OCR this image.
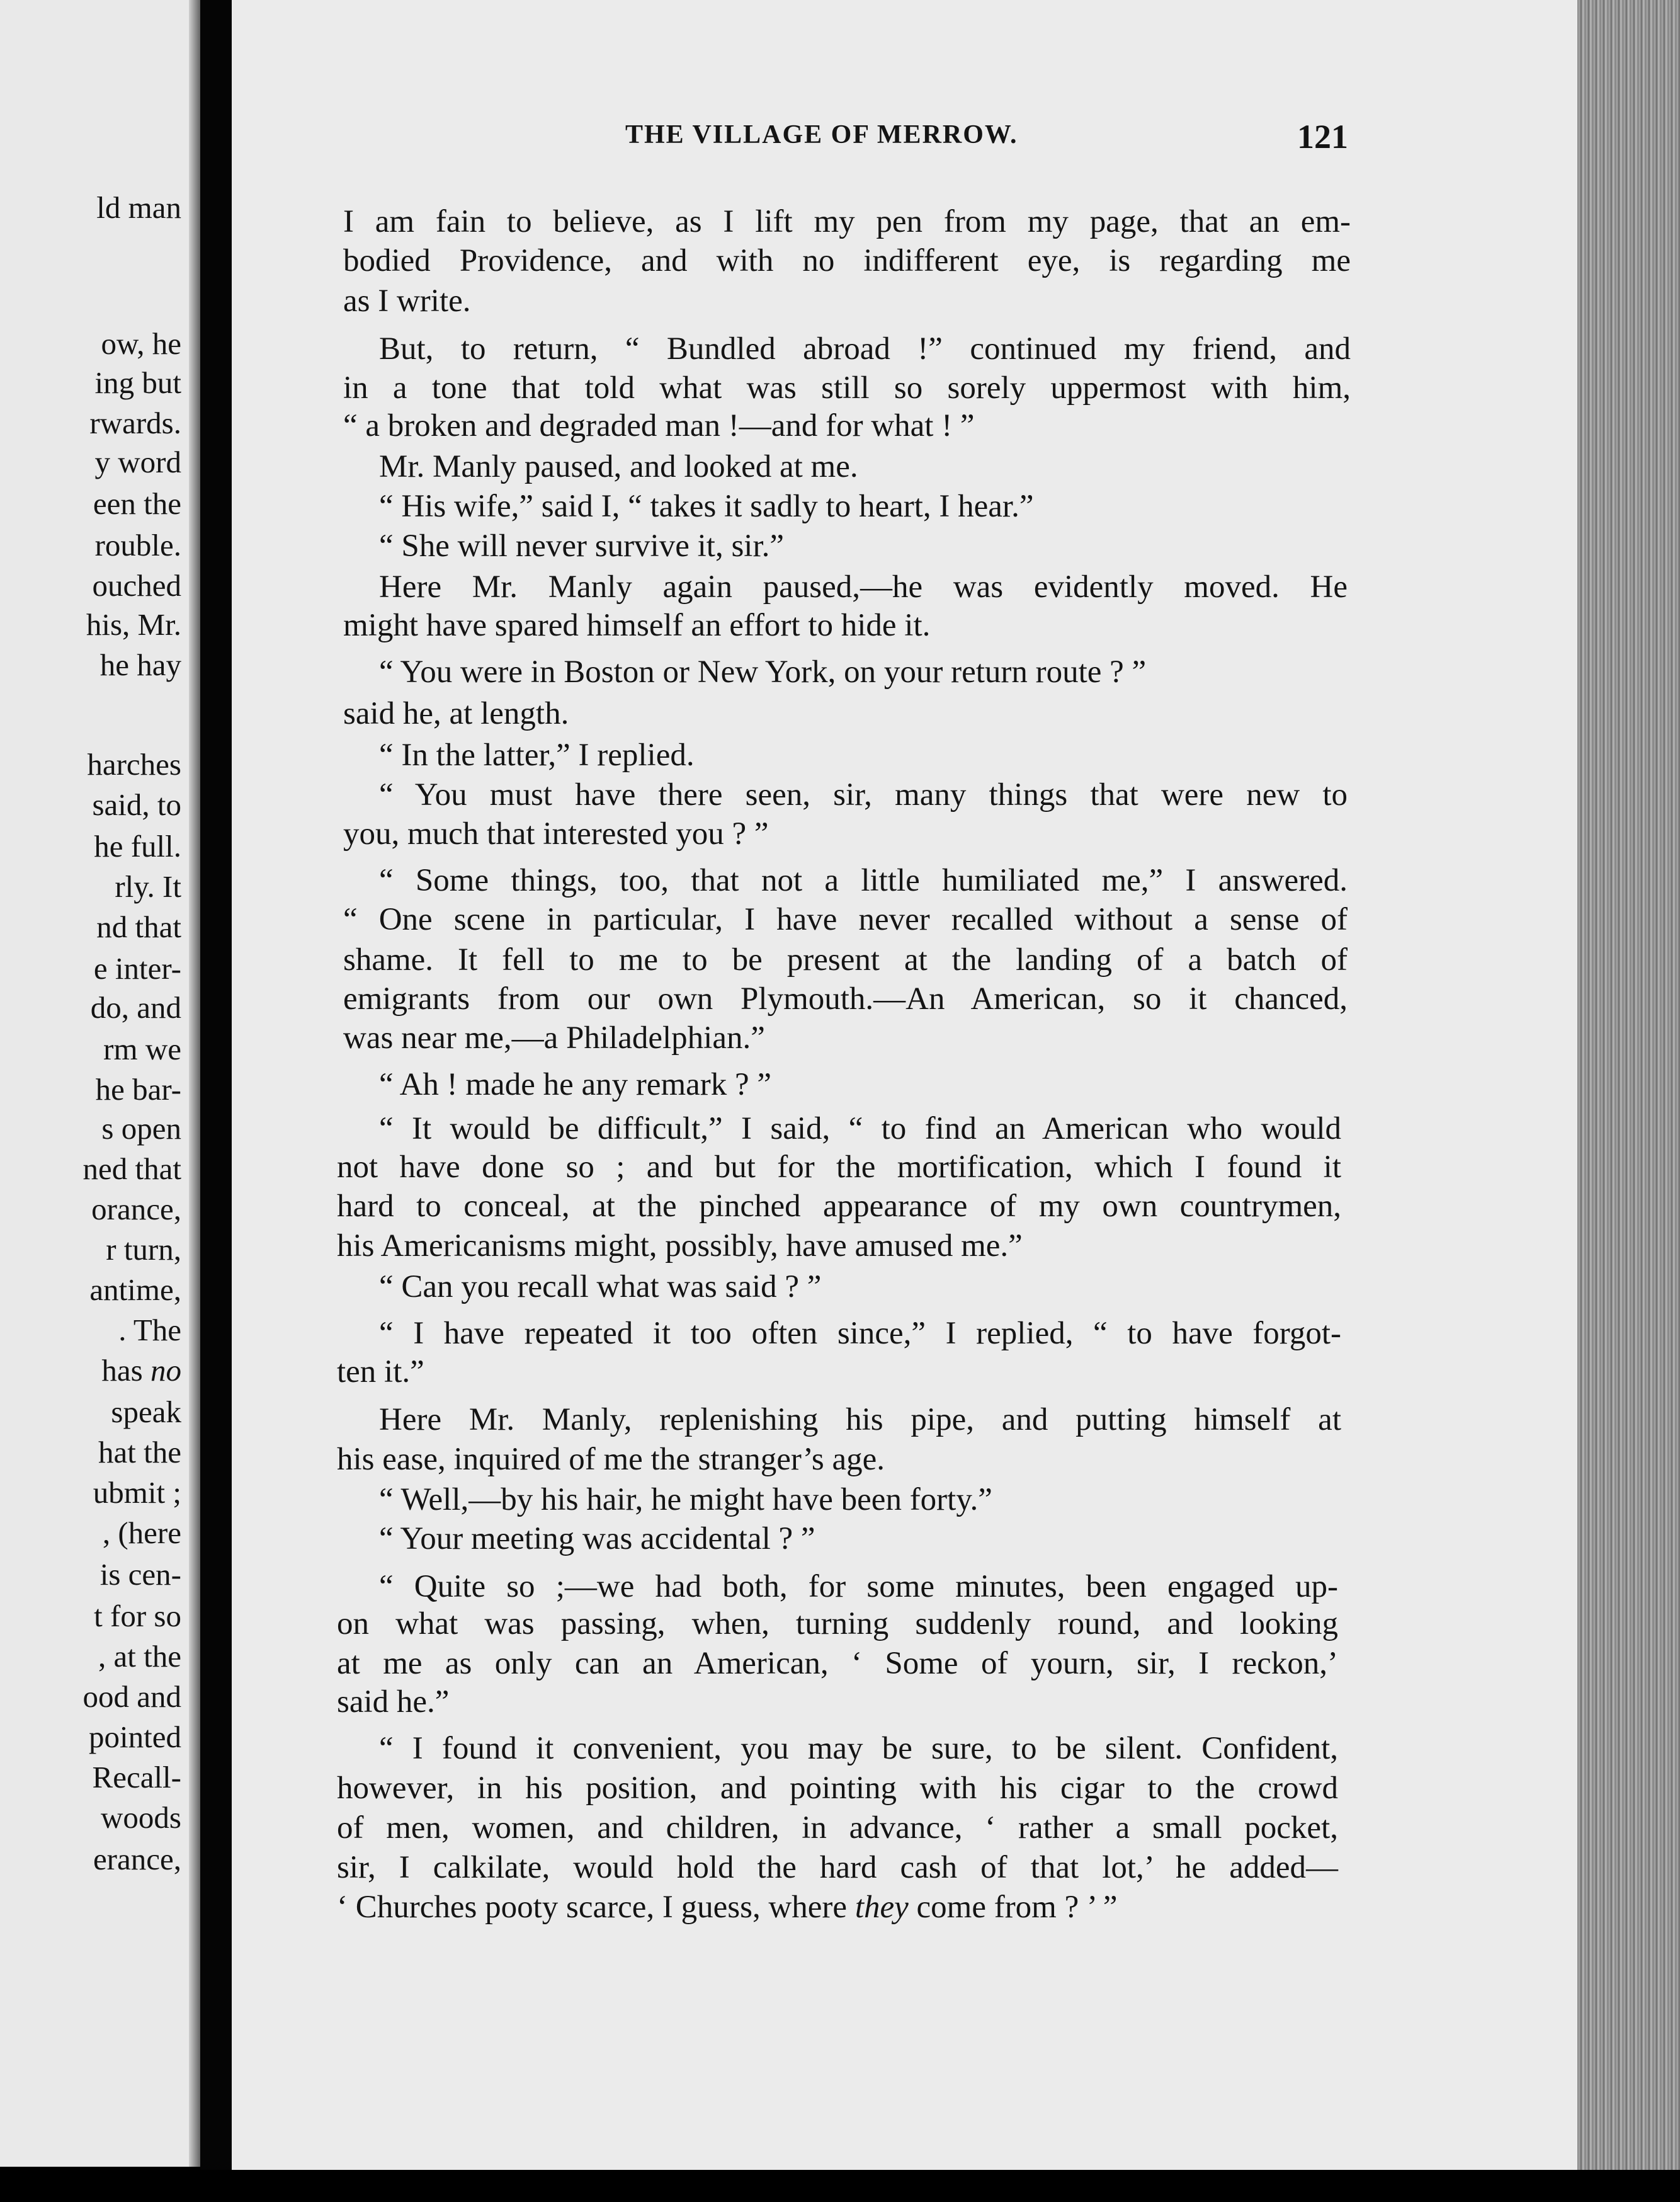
ld man
ow, he
ing but
rwards.
y word
een the
rouble.
ouched
his, Mr.
he hay
harches
said, to
he full.
rly. It
nd that
e inter-
do, and
rm we
he bar-
s open
ned that
orance,
r turn,
antime,
. The
has no
speak
hat the
ubmit ;
, (here
is cen-
t for so
, at the
ood and
pointed
Recall-
woods
erance,
THE VILLAGE OF MERROW.	121
I am fain to believe, as I lift my pen from my page, that an em-
bodied Providence, and with no indifferent eye, is regarding me
as I write.
But, to return, “ Bundled abroad !” continued my friend, and
in a tone that told what was still so sorely uppermost with him,
“ a broken and degraded man !—and for what ! ”
Mr. Manly paused, and looked at me.
“ His wife,” said I, “ takes it sadly to heart, I hear.”
“ She will never survive it, sir.”
Here Mr. Manly again paused,—he was evidently moved. He
might have spared himself an effort to hide it.
“ You were in Boston or New York, on your return route ? ”
said he, at length.
“ In the latter,” I replied.
“ You must have there seen, sir, many things that were new to
you, much that interested you ? ”
“ Some things, too, that not a little humiliated me,” I answered.
“ One scene in particular, I have never recalled without a sense of
shame. It fell to me to be present at the landing of a batch of
emigrants from our own Plymouth.—An American, so it chanced,
was near me,—a Philadelphian.”
“ Ah ! made he any remark ? ”
“ It would be difficult,” I said, “ to find an American who would
not have done so ; and but for the mortification, which I found it
hard to conceal, at the pinched appearance of my own countrymen,
his Americanisms might, possibly, have amused me.”
“ Can you recall what was said ? ”
“ I have repeated it too often since,” I replied, “ to have forgot-
ten it.”
Here Mr. Manly, replenishing his pipe, and putting himself at
his ease, inquired of me the stranger’s age.
“ Well,—by his hair, he might have been forty.”
“ Your meeting was accidental ? ”
“ Quite so ;—we had both, for some minutes, been engaged up-
on what was passing, when, turning suddenly round, and looking
at me as only can an American, ‘ Some of yourn, sir, I reckon,’
said he.”
“ I found it convenient, you may be sure, to be silent. Confident,
however, in his position, and pointing with his cigar to the crowd
of men, women, and children, in advance, ‘ rather a small pocket,
sir, I calkilate, would hold the hard cash of that lot,’ he added—
‘ Churches pooty scarce, I guess, where they come from ? ’ ”
